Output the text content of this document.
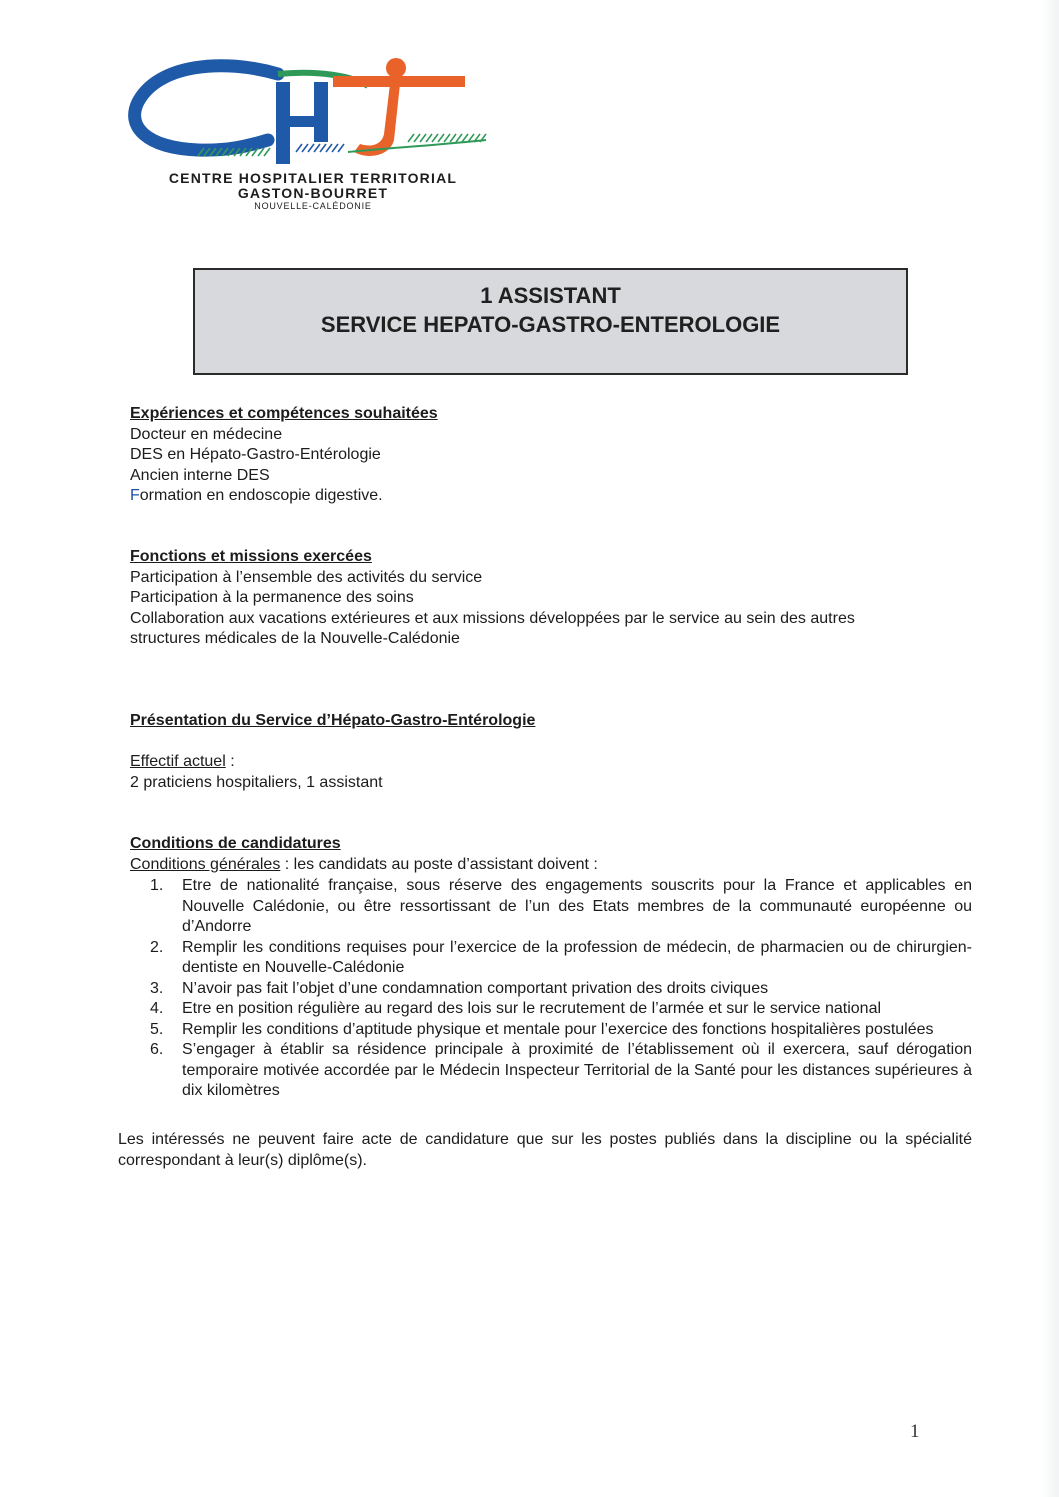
CENTRE HOSPITALIER TERRITORIAL
GASTON-BOURRET
NOUVELLE-CALÉDONIE
1 ASSISTANT
SERVICE HEPATO-GASTRO-ENTEROLOGIE
Expériences et compétences souhaitées
Docteur en médecine
DES en Hépato-Gastro-Entérologie
Ancien interne DES
Formation en endoscopie digestive.
Fonctions et missions exercées
Participation à l’ensemble des activités du service
Participation à la permanence des soins
Collaboration aux vacations extérieures et aux missions développées par le service au sein des autres
structures médicales de la Nouvelle-Calédonie
Présentation du Service d’Hépato-Gastro-Entérologie
Effectif actuel :
2 praticiens hospitaliers, 1 assistant
Conditions de candidatures
Conditions générales : les candidats au poste d’assistant doivent :
1. Etre de nationalité française, sous réserve des engagements souscrits pour la France et applicables en Nouvelle Calédonie, ou être ressortissant de l’un des Etats membres de la communauté européenne ou d’Andorre
2. Remplir les conditions requises pour l’exercice de la profession de médecin, de pharmacien ou de chirurgien-dentiste en Nouvelle-Calédonie
3. N’avoir pas fait l’objet d’une condamnation comportant privation des droits civiques
4. Etre en position régulière au regard des lois sur le recrutement de l’armée et sur le service national
5. Remplir les conditions d’aptitude physique et mentale pour l’exercice des fonctions hospitalières postulées
6. S’engager à établir sa résidence principale à proximité de l’établissement où il exercera, sauf dérogation temporaire motivée accordée par le Médecin Inspecteur Territorial de la Santé pour les distances supérieures à dix kilomètres
Les intéressés ne peuvent faire acte de candidature que sur les postes publiés dans la discipline ou la spécialité correspondant à leur(s) diplôme(s).
1
